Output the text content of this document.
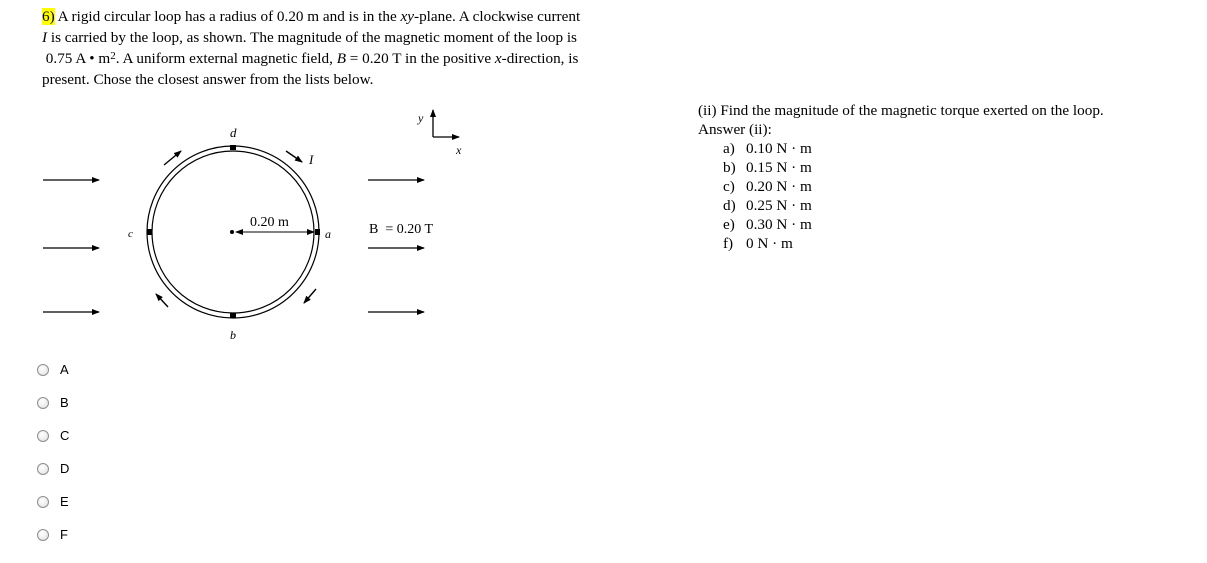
6) A rigid circular loop has a radius of 0.20 m and is in the xy-plane. A clockwise current
I is carried by the loop, as shown. The magnitude of the magnetic moment of the loop is
0.75 A • $m^2$. A uniform external magnetic field, B = 0.20 T in the positive x-direction, is
present. Chose the closest answer from the lists below.
d
b
c	a
I
0.20 m	B  = 0.20 T
y
x
(ii) Find the magnitude of the magnetic torque exerted on the loop.
Answer (ii):
a) 0.10 N · m
b) 0.15 N · m
c) 0.20 N · m
d) 0.25 N · m
e) 0.30 N · m
f) 0 N · m
A
B
C
D
E
F
